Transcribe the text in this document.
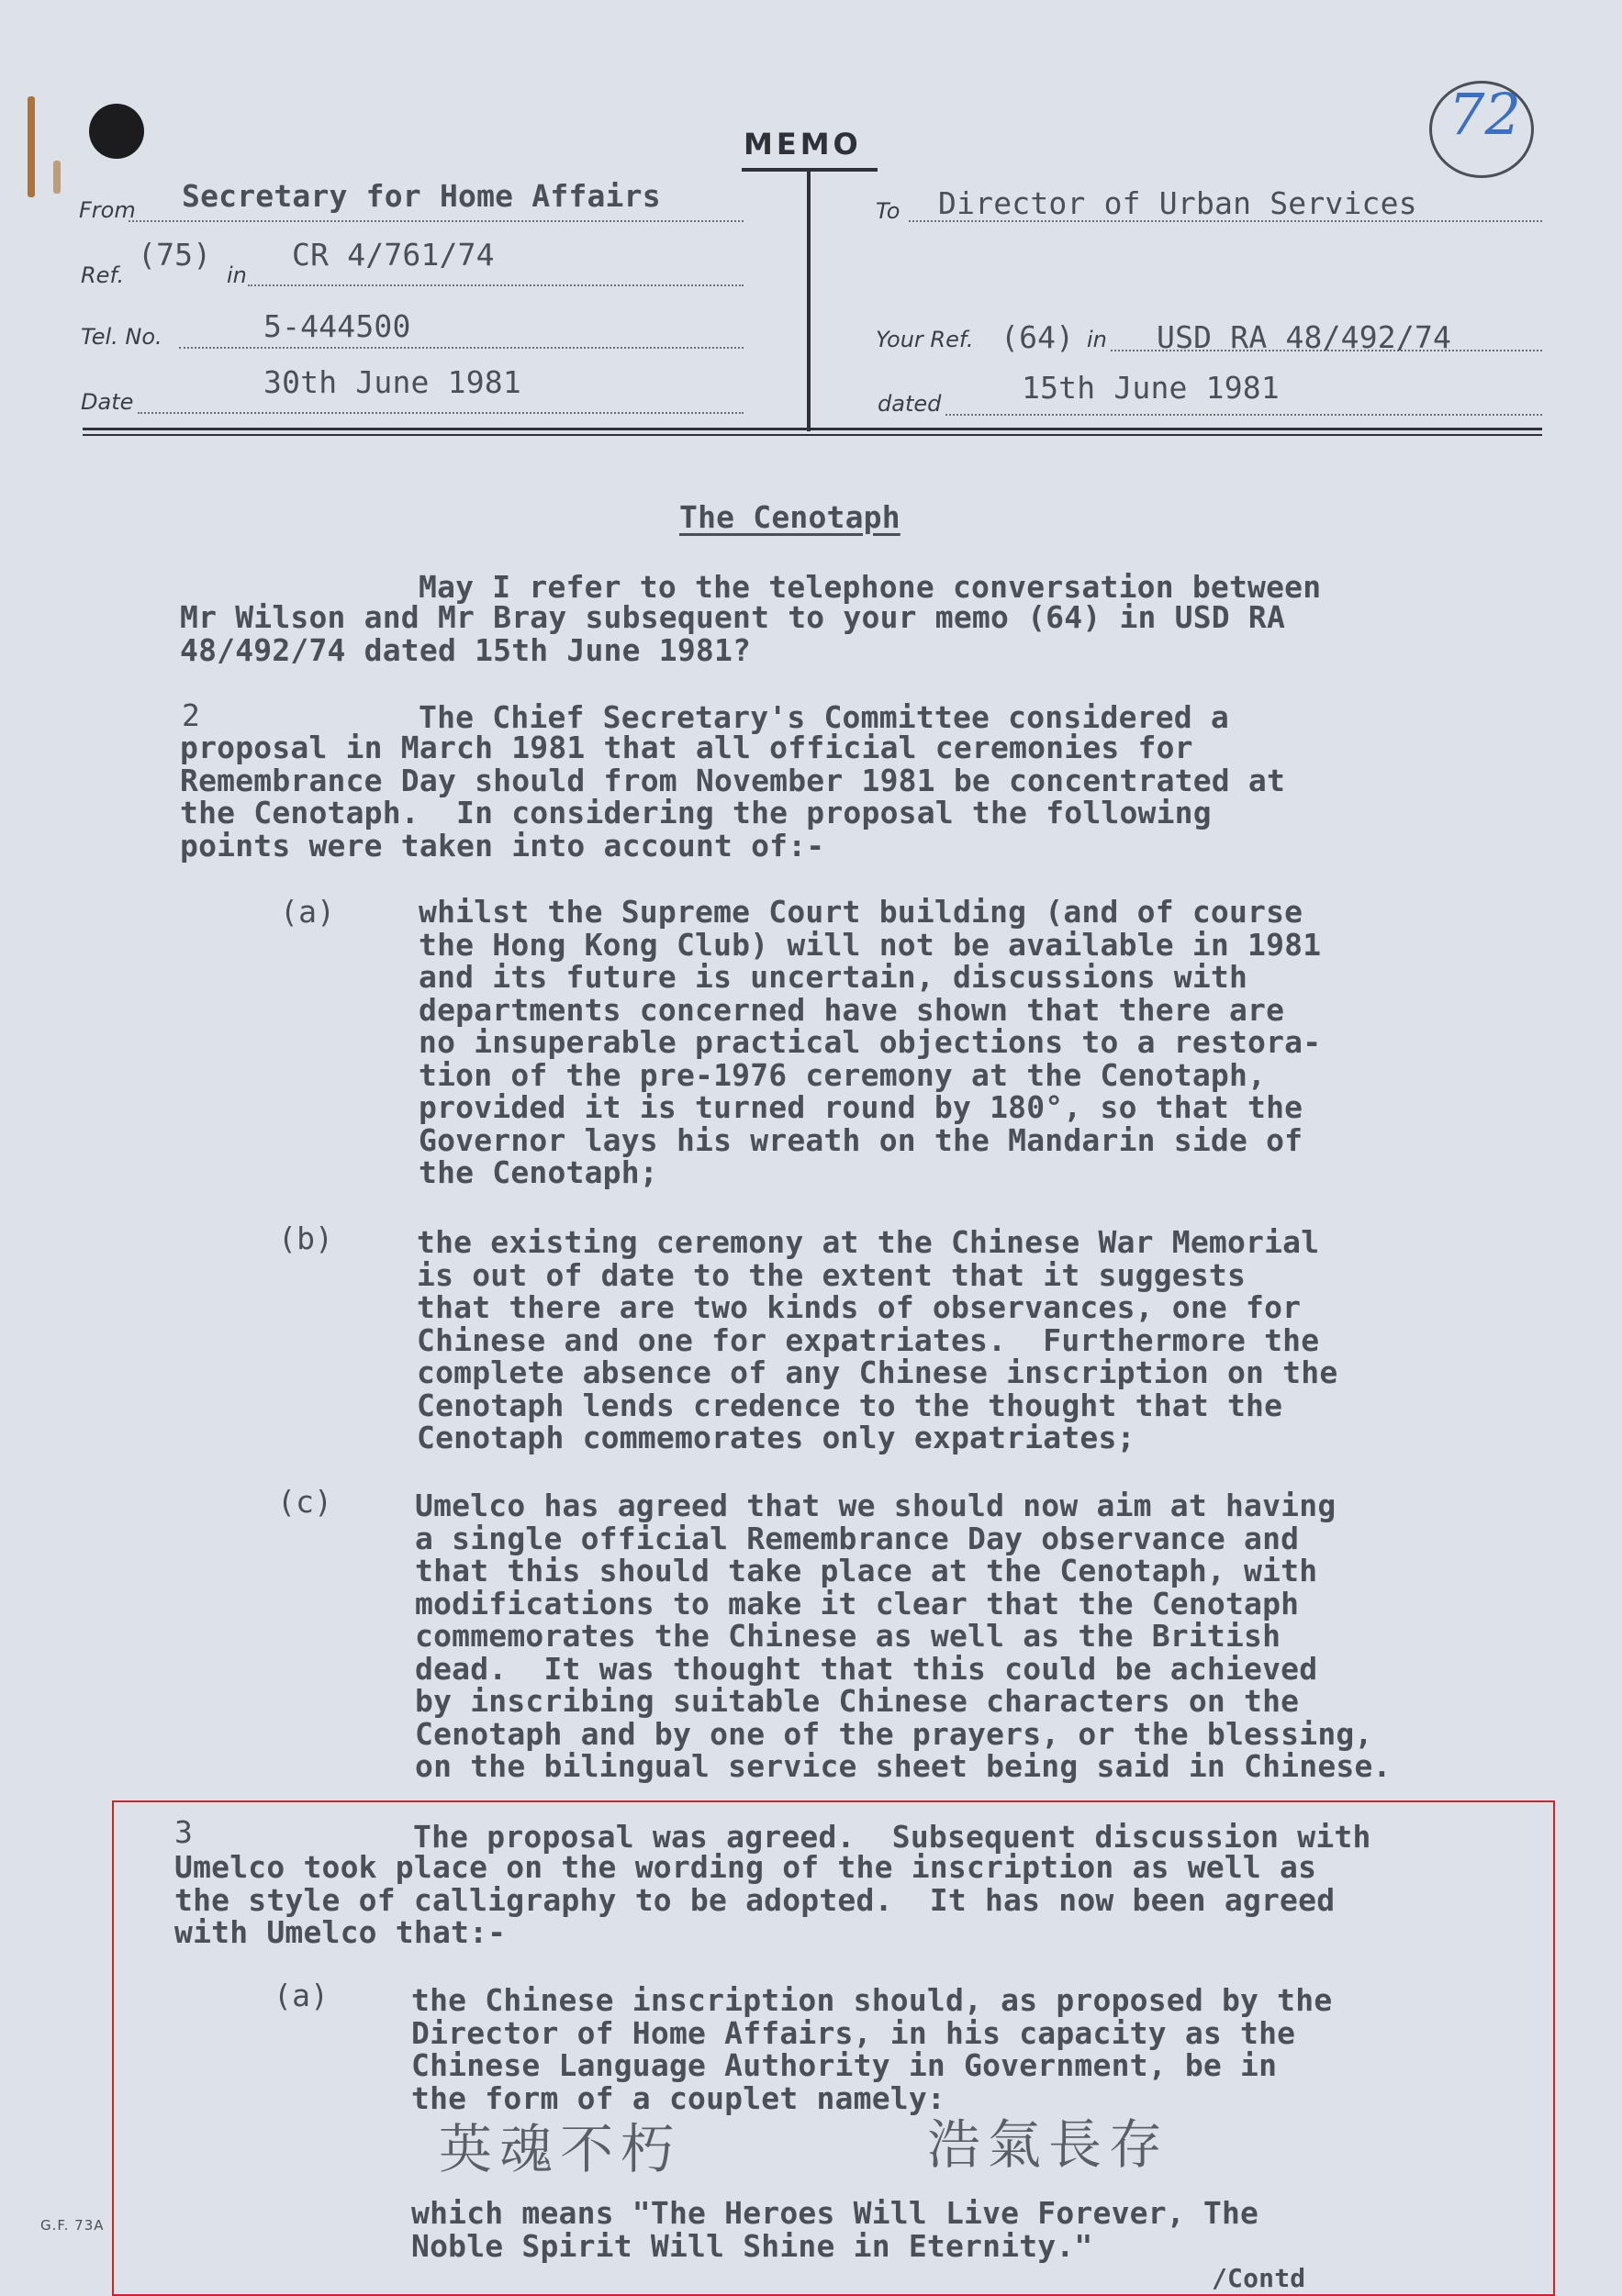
72
MEMO
From Secretary for Home Affairs
Ref.
(75)
in
CR 4/761/74
Tel. No.	5-444500
Date
30th June 1981
To Director of Urban Services
Your Ref. (64) in USD RA 48/492/74
dated	15th June 1981
The Cenotaph
May I refer to the telephone conversation between
Mr Wilson and Mr Bray subsequent to your memo (64) in USD RA
48/492/74 dated 15th June 1981?
2	The Chief Secretary's Committee considered a
proposal in March 1981 that all official ceremonies for
Remembrance Day should from November 1981 be concentrated at
the Cenotaph.  In considering the proposal the following
points were taken into account of:-
(a)	whilst the Supreme Court building (and of course
the Hong Kong Club) will not be available in 1981
and its future is uncertain, discussions with
departments concerned have shown that there are
no insuperable practical objections to a restora-
tion of the pre-1976 ceremony at the Cenotaph,
provided it is turned round by 180°, so that the
Governor lays his wreath on the Mandarin side of
the Cenotaph;
(b)	the existing ceremony at the Chinese War Memorial
is out of date to the extent that it suggests
that there are two kinds of observances, one for
Chinese and one for expatriates.  Furthermore the
complete absence of any Chinese inscription on the
Cenotaph lends credence to the thought that the
Cenotaph commemorates only expatriates;
(c)	Umelco has agreed that we should now aim at having
a single official Remembrance Day observance and
that this should take place at the Cenotaph, with
modifications to make it clear that the Cenotaph
commemorates the Chinese as well as the British
dead.  It was thought that this could be achieved
by inscribing suitable Chinese characters on the
Cenotaph and by one of the prayers, or the blessing,
on the bilingual service sheet being said in Chinese.
3	The proposal was agreed.  Subsequent discussion with
Umelco took place on the wording of the inscription as well as
the style of calligraphy to be adopted.  It has now been agreed
with Umelco that:-
(a)	the Chinese inscription should, as proposed by the
Director of Home Affairs, in his capacity as the
Chinese Language Authority in Government, be in
the form of a couplet namely:
英魂不朽	浩氣長存
which means "The Heroes Will Live Forever, The
Noble Spirit Will Shine in Eternity."
/Contd
G.F. 73A
